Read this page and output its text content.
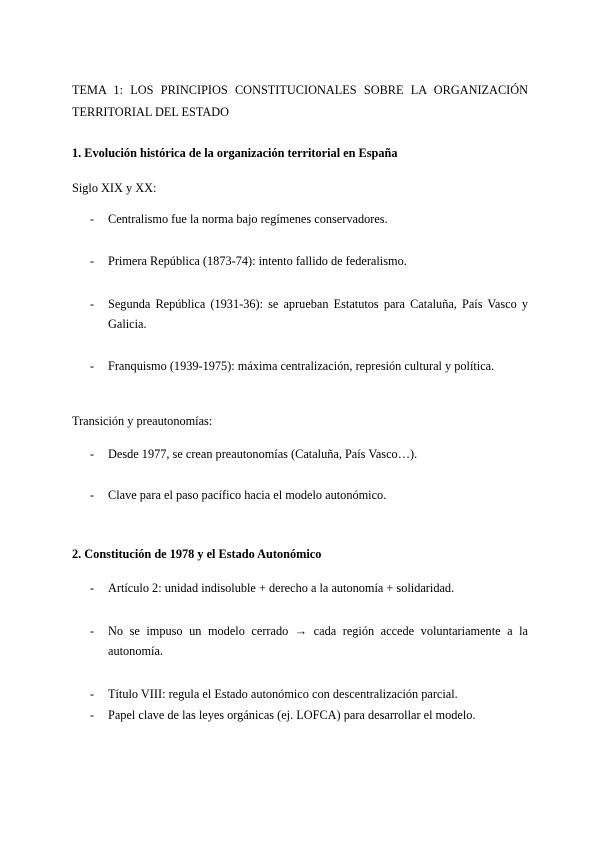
TEMA 1: LOS PRINCIPIOS CONSTITUCIONALES SOBRE LA ORGANIZACIÓN
TERRITORIAL DEL ESTADO
1. Evolución histórica de la organización territorial en España
Siglo XIX y XX:
- Centralismo fue la norma bajo regímenes conservadores.
- Primera República (1873-74): intento fallido de federalismo.
- Segunda República (1931-36): se aprueban Estatutos para Cataluña, País Vasco y
Galicia.
- Franquismo (1939-1975): máxima centralización, represión cultural y política.
Transición y preautonomías:
- Desde 1977, se crean preautonomías (Cataluña, País Vasco…).
- Clave para el paso pacífico hacia el modelo autonómico.
2. Constitución de 1978 y el Estado Autonómico
- Artículo 2: unidad indisoluble + derecho a la autonomía + solidaridad.
- No se impuso un modelo cerrado → cada región accede voluntariamente a la
autonomía.
- Título VIII: regula el Estado autonómico con descentralización parcial.
- Papel clave de las leyes orgánicas (ej. LOFCA) para desarrollar el modelo.
